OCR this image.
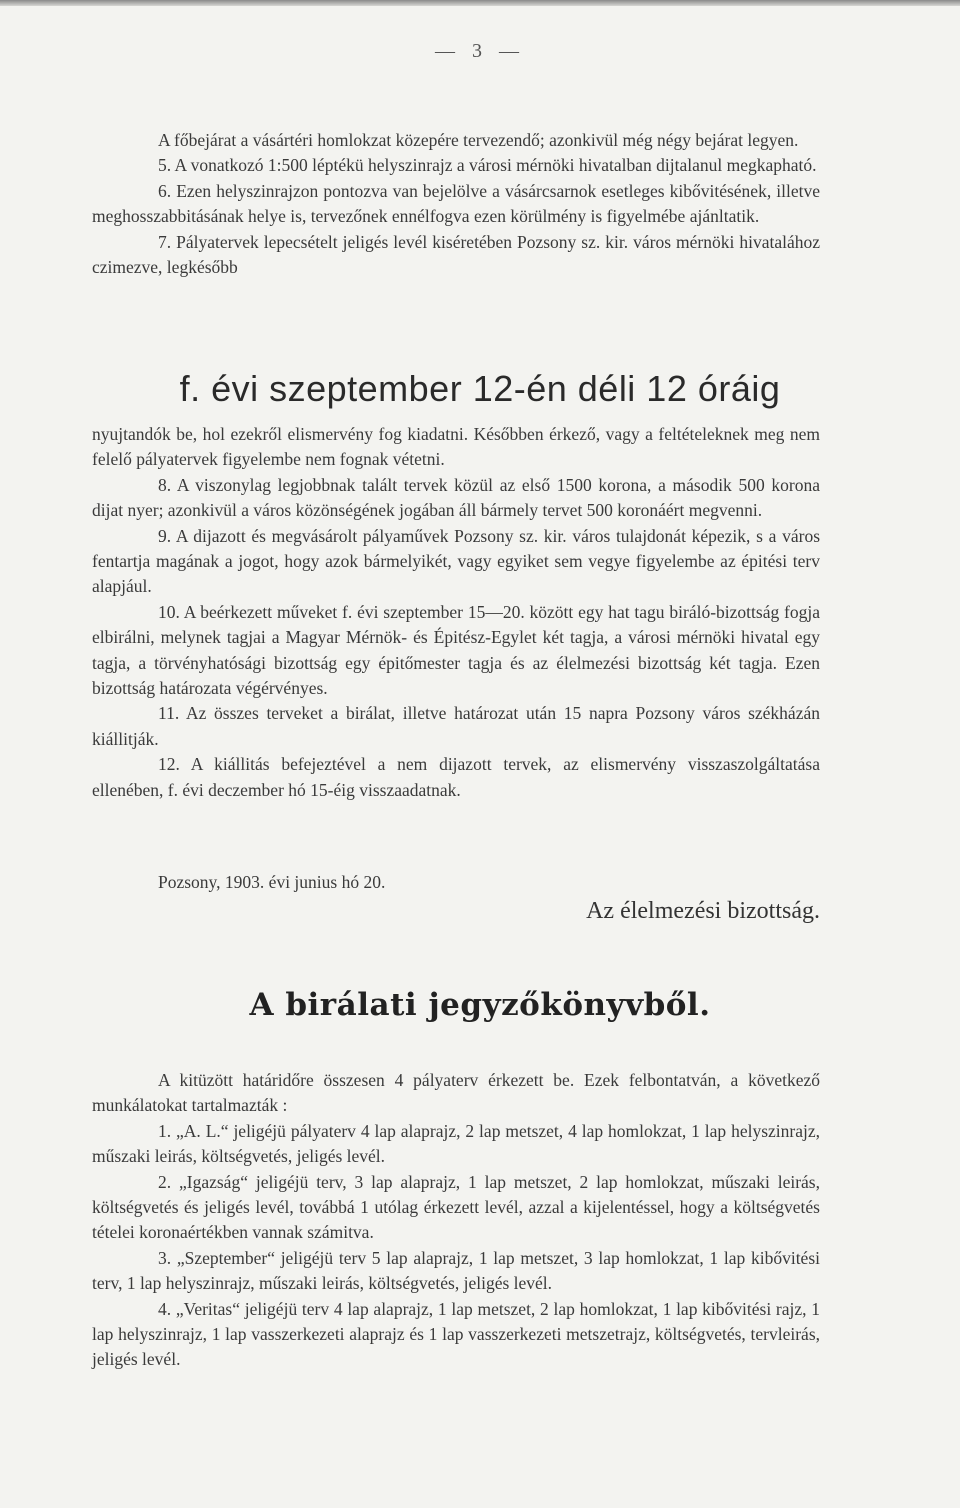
— 3 —

A főbejárat a vásártéri homlokzat közepére tervezendő; azonkivül még négy bejárat legyen.

5. A vonatkozó 1:500 léptékü helyszinrajz a városi mérnöki hivatalban dijtalanul megkapható.

6. Ezen helyszinrajzon pontozva van bejelölve a vásárcsarnok esetleges kibővitésének, illetve meghosszabbitásának helye is, tervezőnek ennélfogva ezen körülmény is figyelmébe ajánltatik.

7. Pályatervek lepecsételt jeligés levél kiséretében Pozsony sz. kir. város mérnöki hivatalához czimezve, legkésőbb

f. évi szeptember 12-én déli 12 óráig

nyujtandók be, hol ezekről elismervény fog kiadatni. Későbben érkező, vagy a feltételeknek meg nem felelő pályatervek figyelembe nem fognak vétetni.

8. A viszonylag legjobbnak talált tervek közül az első 1500 korona, a második 500 korona dijat nyer; azonkivül a város közönségének jogában áll bármely tervet 500 koronáért megvenni.

9. A dijazott és megvásárolt pályaművek Pozsony sz. kir. város tulajdonát képezik, s a város fentartja magának a jogot, hogy azok bármelyikét, vagy egyiket sem vegye figyelembe az épitési terv alapjául.

10. A beérkezett műveket f. évi szeptember 15—20. között egy hat tagu biráló-bizottság fogja elbirálni, melynek tagjai a Magyar Mérnök- és Épitész-Egylet két tagja, a városi mérnöki hivatal egy tagja, a törvényhatósági bizottság egy épitőmester tagja és az élelmezési bizottság két tagja. Ezen bizottság határozata végérvényes.

11. Az összes terveket a birálat, illetve határozat után 15 napra Pozsony város székházán kiállitják.

12. A kiállitás befejeztével a nem dijazott tervek, az elismervény visszaszolgáltatása ellenében, f. évi deczember hó 15-éig visszaadatnak.

Pozsony, 1903. évi junius hó 20.
Az élelmezési bizottság.
A birálati jegyzőkönyvből.

A kitüzött határidőre összesen 4 pályaterv érkezett be. Ezek felbontatván, a következő munkálatokat tartalmazták :

1. „A. L.“ jeligéjü pályaterv 4 lap alaprajz, 2 lap metszet, 4 lap homlokzat, 1 lap helyszinrajz, műszaki leirás, költségvetés, jeligés levél.

2. „Igazság“ jeligéjü terv, 3 lap alaprajz, 1 lap metszet, 2 lap homlokzat, műszaki leirás, költségvetés és jeligés levél, továbbá 1 utólag érkezett levél, azzal a kijelentéssel, hogy a költségvetés tételei koronaértékben vannak számitva.

3. „Szeptember“ jeligéjü terv 5 lap alaprajz, 1 lap metszet, 3 lap homlokzat, 1 lap kibővitési terv, 1 lap helyszinrajz, műszaki leirás, költségvetés, jeligés levél.

4. „Veritas“ jeligéjü terv 4 lap alaprajz, 1 lap metszet, 2 lap homlokzat, 1 lap kibővitési rajz, 1 lap helyszinrajz, 1 lap vasszerkezeti alaprajz és 1 lap vasszerkezeti metszetrajz, költségvetés, tervleirás, jeligés levél.
